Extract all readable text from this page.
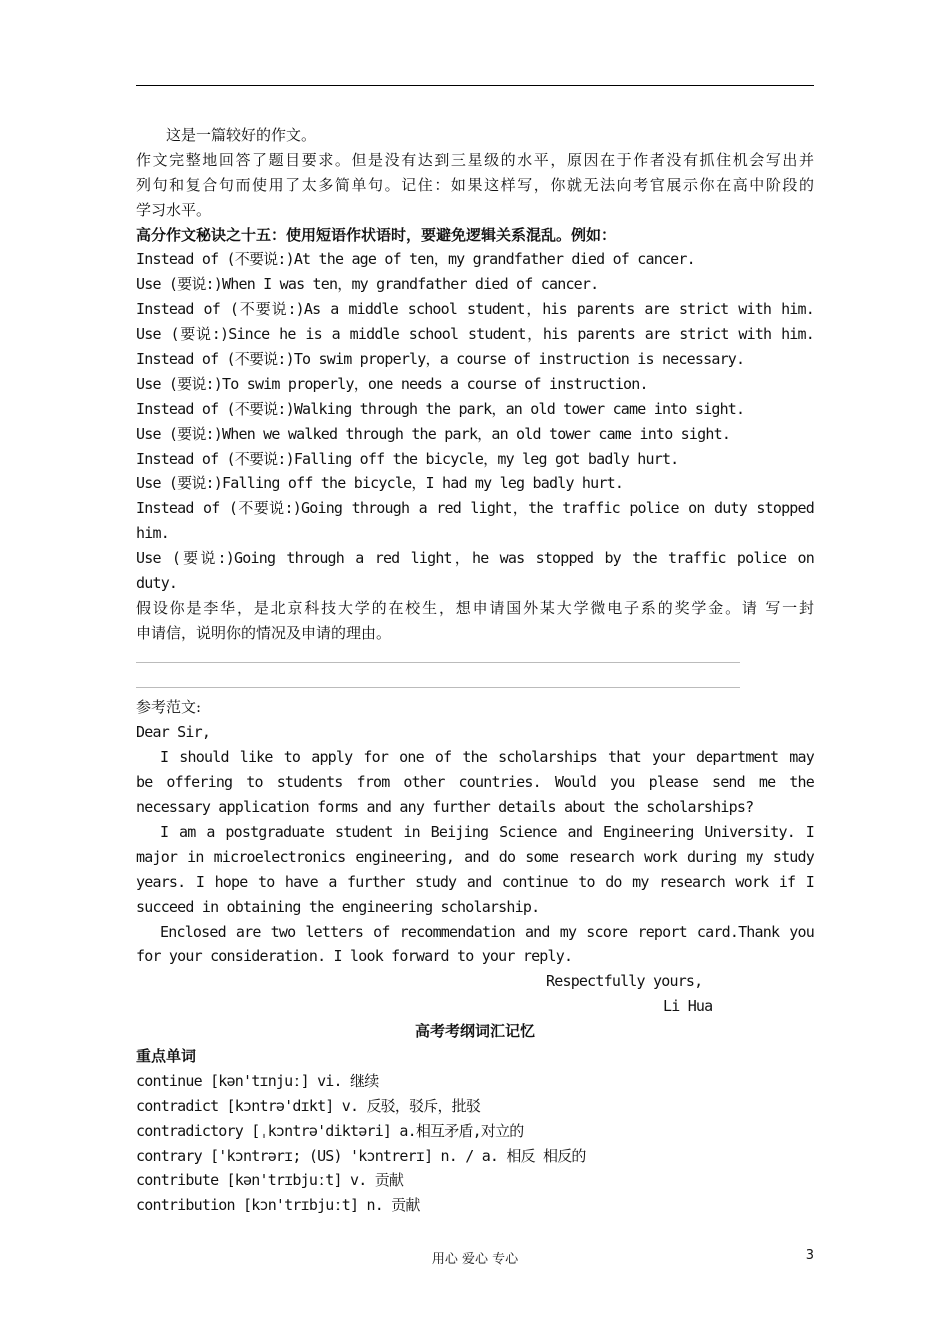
这是一篇较好的作文。
作文完整地回答了题目要求。但是没有达到三星级的水平，原因在于作者没有抓住机会写出并
列句和复合句而使用了太多简单句。记住：如果这样写，你就无法向考官展示你在高中阶段的
学习水平。
高分作文秘诀之十五：使用短语作状语时，要避免逻辑关系混乱。例如：
Instead of (不要说:)At the age of ten，my grandfather died of cancer.
Use (要说:)When I was ten，my grandfather died of cancer.
Instead of (不要说:)As a middle school student，his parents are strict with him.
Use (要说:)Since he is a middle school student，his parents are strict with him.
Instead of (不要说:)To swim properly，a course of instruction is necessary.
Use (要说:)To swim properly，one needs a course of instruction.
Instead of (不要说:)Walking through the park，an old tower came into sight.
Use (要说:)When we walked through the park，an old tower came into sight.
Instead of (不要说:)Falling off the bicycle，my leg got badly hurt.
Use (要说:)Falling off the bicycle，I had my leg badly hurt.
Instead of (不要说:)Going through a red light，the traffic police on duty stopped
him.
Use (要说:)Going through a red light，he was stopped by the traffic police on
duty.
假设你是李华，是北京科技大学的在校生，想申请国外某大学微电子系的奖学金。请 写一封
申请信，说明你的情况及申请的理由。
参考范文:
Dear Sir,
I should like to apply for one of the scholarships that your department may
be offering to students from other countries. Would you please send me the
necessary application forms and any further details about the scholarships?
I am a postgraduate student in Beijing Science and Engineering University. I
major in microelectronics engineering, and do some research work during my study
years. I hope to have a further study and continue to do my research work if I
succeed in obtaining the engineering scholarship.
Enclosed are two letters of recommendation and my score report card.Thank you
for your consideration. I look forward to your reply.
Respectfully yours,
Li Hua
高考考纲词汇记忆
重点单词
continue [kən'tɪnjuː] vi. 继续
contradict [kɔntrə'dɪkt] v. 反驳，驳斥，批驳
contradictory [ˌkɔntrə'diktəri] a.相互矛盾,对立的
contrary ['kɔntrərɪ; (US) 'kɔntrerɪ] n. / a. 相反 相反的
contribute [kən'trɪbjuːt] v. 贡献
contribution [kɔn'trɪbjuːt] n. 贡献
用心 爱心 专心	3
